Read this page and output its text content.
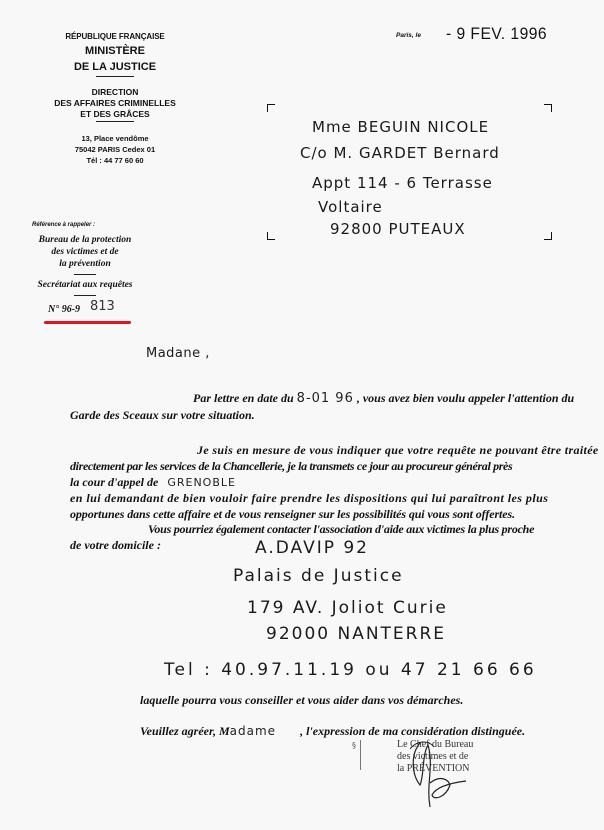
RÉPUBLIQUE FRANÇAISE
MINISTÈRE
DE LA JUSTICE
DIRECTION
DES AFFAIRES CRIMINELLES
ET DES GRÂCES
13, Place vendôme
75042 PARIS Cedex 01
Tél : 44 77 60 60
Paris, le - 9 FEV. 1996
Référence à rappeler :
Bureau de la protection
des victimes et de
la prévention
Secrétariat aux requêtes
N° 96-9 813
Mme BEGUIN NICOLE
C/o M. GARDET Bernard
Appt 114 - 6 Terrasse
Voltaire
92800 PUTEAUX
Madane ,
Par lettre en date du 8-01 96 , vous avez bien voulu appeler l'attention du
Garde des Sceaux sur votre situation.
Je suis en mesure de vous indiquer que votre requête ne pouvant être traitée
directement par les services de la Chancellerie, je la transmets ce jour au procureur général près
la cour d'appel de GRENOBLE
en lui demandant de bien vouloir faire prendre les dispositions qui lui paraîtront les plus
opportunes dans cette affaire et de vous renseigner sur les possibilités qui vous sont offertes.
Vous pourriez également contacter l'association d'aide aux victimes la plus proche
de votre domicile :	A.DAVIP 92
Palais de Justice
179 AV. Joliot Curie
92000 NANTERRE
Tel : 40.97.11.19 ou 47 21 66 66
laquelle pourra vous conseiller et vous aider dans vos démarches.
Veuillez agréer, Madame , l'expression de ma considération distinguée.
§	Le Chef du Bureau
des victimes et de
la PRÉVENTION
